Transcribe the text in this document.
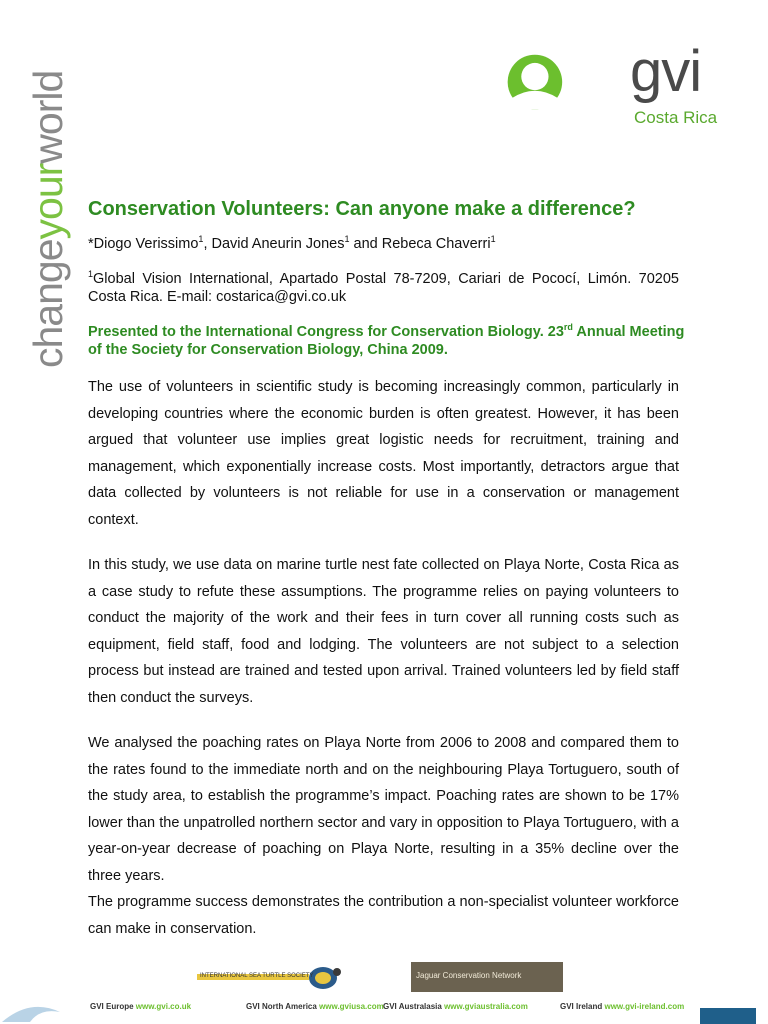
changeyourworld	gvi
Costa Rica
Conservation Volunteers: Can anyone make a difference?
*Diogo Verissimo$^1$, David Aneurin Jones$^1$ and Rebeca Chaverri$^1$
$^1$Global Vision International, Apartado Postal 78-7209, Cariari de Pococí, Limón. 70205 Costa Rica. E-mail: costarica@gvi.co.uk
Presented to the International Congress for Conservation Biology. 23rd Annual Meeting of the Society for Conservation Biology, China 2009.

The use of volunteers in scientific study is becoming increasingly common, particularly in developing countries where the economic burden is often greatest. However, it has been argued that volunteer use implies great logistic needs for recruitment, training and management, which exponentially increase costs. Most importantly, detractors argue that data collected by volunteers is not reliable for use in a conservation or management context.

In this study, we use data on marine turtle nest fate collected on Playa Norte, Costa Rica as a case study to refute these assumptions. The programme relies on paying volunteers to conduct the majority of the work and their fees in turn cover all running costs such as equipment, field staff, food and lodging. The volunteers are not subject to a selection process but instead are trained and tested upon arrival. Trained volunteers led by field staff then conduct the surveys.

We analysed the poaching rates on Playa Norte from 2006 to 2008 and compared them to the rates found to the immediate north and on the neighbouring Playa Tortuguero, south of the study area, to establish the programme’s impact. Poaching rates are shown to be 17% lower than the unpatrolled northern sector and vary in opposition to Playa Tortuguero, with a year-on-year decrease of poaching on Playa Norte, resulting in a 35% decline over the three years.

The programme success demonstrates the contribution a non-specialist volunteer workforce can make in conservation.

INTERNATIONAL SEA TURTLE SOCIETY	Jaguar Conservation Network
GVI Europe www.gvi.co.uk	GVI North America www.gviusa.com GVI Australasia www.gviaustralia.com	GVI Ireland www.gvi-ireland.com
